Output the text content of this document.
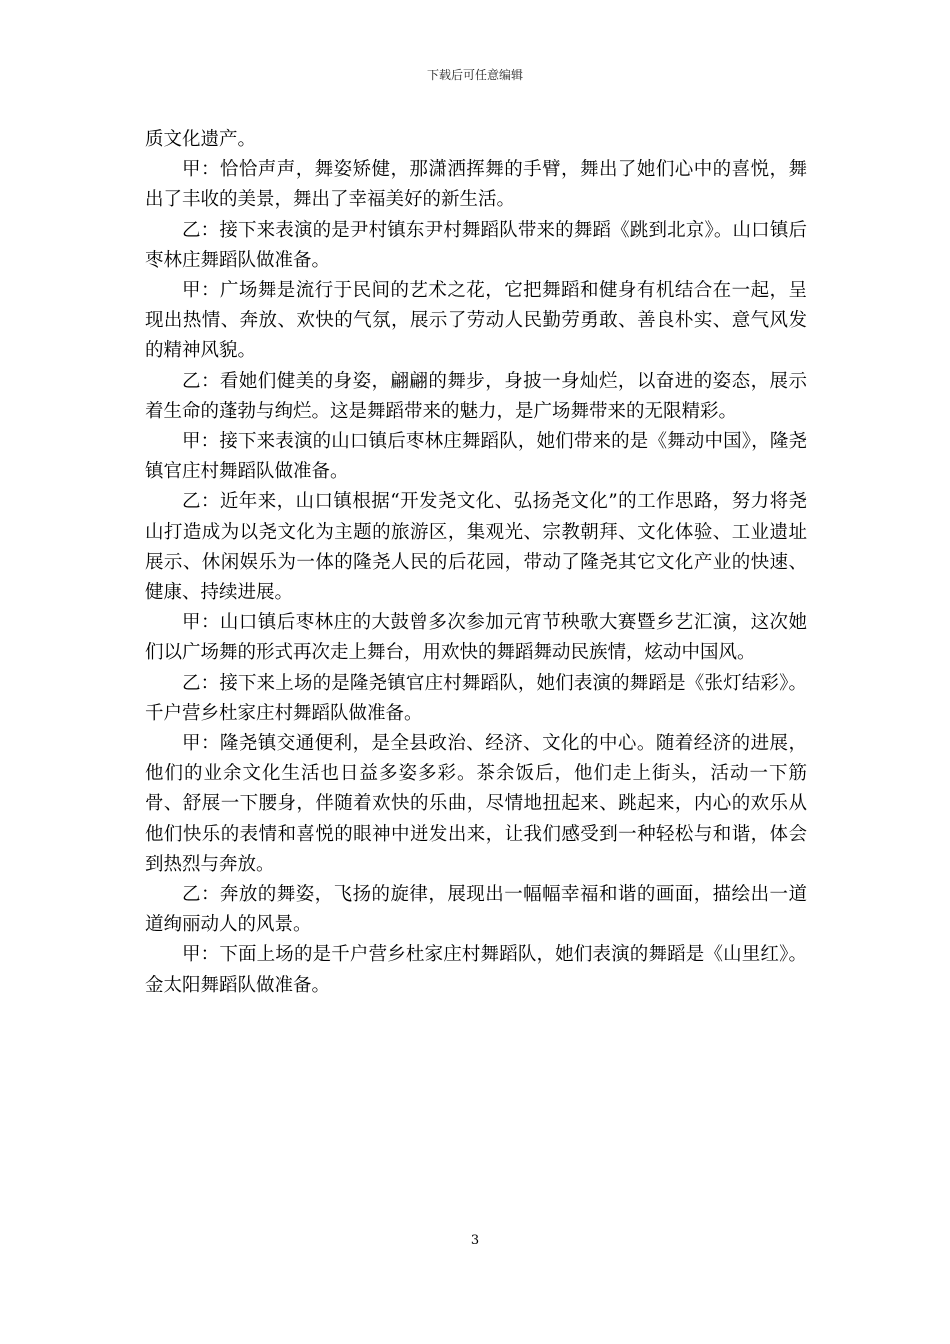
下载后可任意编辑

质文化遗产。

甲：恰恰声声，舞姿矫健，那潇洒挥舞的手臂，舞出了她们心中的喜悦，舞出了丰收的美景，舞出了幸福美好的新生活。

乙：接下来表演的是尹村镇东尹村舞蹈队带来的舞蹈《跳到北京》。山口镇后枣林庄舞蹈队做准备。

甲：广场舞是流行于民间的艺术之花，它把舞蹈和健身有机结合在一起，呈现出热情、奔放、欢快的气氛，展示了劳动人民勤劳勇敢、善良朴实、意气风发的精神风貌。

乙：看她们健美的身姿，翩翩的舞步，身披一身灿烂，以奋进的姿态，展示着生命的蓬勃与绚烂。这是舞蹈带来的魅力，是广场舞带来的无限精彩。

甲：接下来表演的山口镇后枣林庄舞蹈队，她们带来的是《舞动中国》，隆尧镇官庄村舞蹈队做准备。

乙：近年来，山口镇根据“开发尧文化、弘扬尧文化”的工作思路，努力将尧山打造成为以尧文化为主题的旅游区，集观光、宗教朝拜、文化体验、工业遗址展示、休闲娱乐为一体的隆尧人民的后花园，带动了隆尧其它文化产业的快速、健康、持续进展。

甲：山口镇后枣林庄的大鼓曾多次参加元宵节秧歌大赛暨乡艺汇演，这次她们以广场舞的形式再次走上舞台，用欢快的舞蹈舞动民族情，炫动中国风。

乙：接下来上场的是隆尧镇官庄村舞蹈队，她们表演的舞蹈是《张灯结彩》。千户营乡杜家庄村舞蹈队做准备。

甲：隆尧镇交通便利，是全县政治、经济、文化的中心。随着经济的进展，他们的业余文化生活也日益多姿多彩。茶余饭后，他们走上街头，活动一下筋骨、舒展一下腰身，伴随着欢快的乐曲，尽情地扭起来、跳起来，内心的欢乐从他们快乐的表情和喜悦的眼神中迸发出来，让我们感受到一种轻松与和谐，体会到热烈与奔放。

乙：奔放的舞姿，飞扬的旋律，展现出一幅幅幸福和谐的画面，描绘出一道道绚丽动人的风景。

甲：下面上场的是千户营乡杜家庄村舞蹈队，她们表演的舞蹈是《山里红》。金太阳舞蹈队做准备。

3
